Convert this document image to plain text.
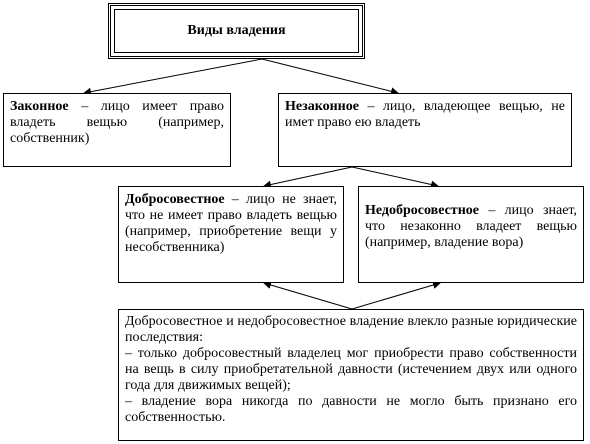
Виды владения
Законное – лицо имеет право владеть вещью (например, собственник)
Незаконное – лицо, владеющее вещью, не имет право ею владеть
Добросовестное – лицо не знает, что не имеет право владеть вещью (например, приобретение вещи у несобственника)
Недобросовестное – лицо знает, что незаконно владеет вещью (например, владение вора)
Добросовестное и недобросовестное владение влекло разные юридические последствия:
– только добросовестный владелец мог приобрести право собственности на вещь в силу приобретательной давности (истечением двух или одного года для движимых вещей);
– владение вора никогда по давности не могло быть признано его собственностью.
